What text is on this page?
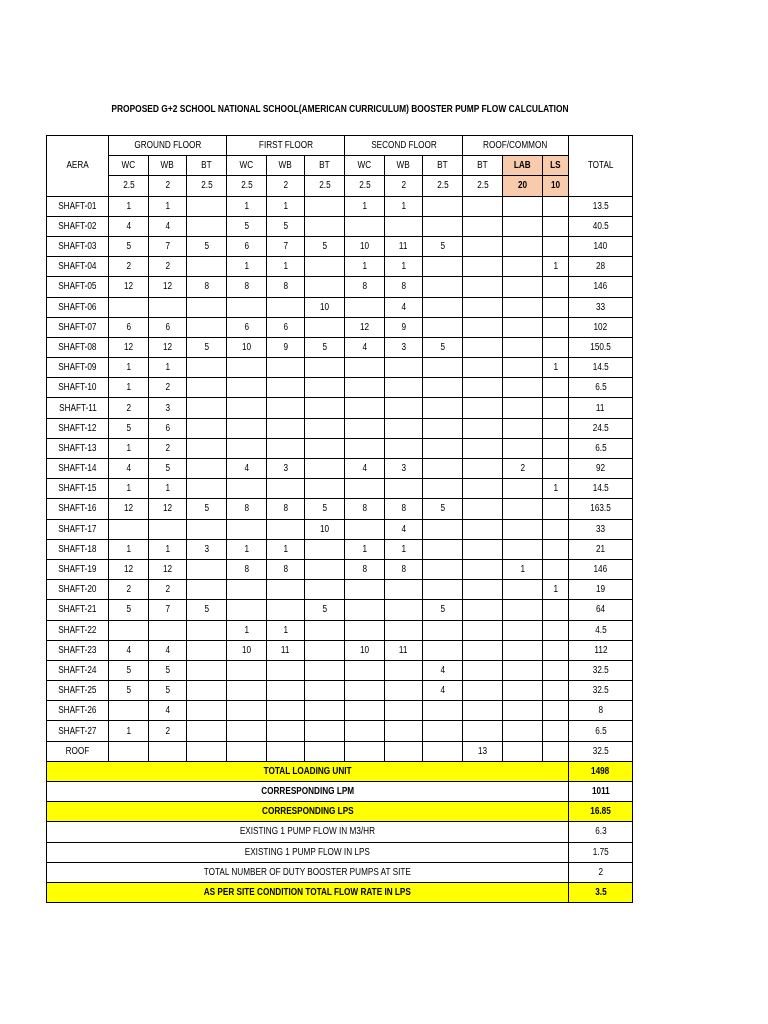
PROPOSED G+2 SCHOOL NATIONAL SCHOOL(AMERICAN CURRICULUM) BOOSTER PUMP FLOW CALCULATION
AERA	GROUND FLOOR			FIRST FLOOR			SECOND FLOOR			ROOF/COMMON			TOTAL
	WC	WB	BT	WC	WB	BT	WC	WB	BT	BT	LAB	LS	
	2.5	2	2.5	2.5	2	2.5	2.5	2	2.5	2.5	20	10	
SHAFT-01	1	1		1	1		1	1					13.5
SHAFT-02	4	4		5	5								40.5
SHAFT-03	5	7	5	6	7	5	10	11	5				140
SHAFT-04	2	2		1	1		1	1				1	28
SHAFT-05	12	12	8	8	8		8	8					146
SHAFT-06						10		4					33
SHAFT-07	6	6		6	6		12	9					102
SHAFT-08	12	12	5	10	9	5	4	3	5				150.5
SHAFT-09	1	1										1	14.5
SHAFT-10	1	2											6.5
SHAFT-11	2	3											11
SHAFT-12	5	6											24.5
SHAFT-13	1	2											6.5
SHAFT-14	4	5		4	3		4	3			2		92
SHAFT-15	1	1										1	14.5
SHAFT-16	12	12	5	8	8	5	8	8	5				163.5
SHAFT-17						10		4					33
SHAFT-18	1	1	3	1	1		1	1					21
SHAFT-19	12	12		8	8		8	8			1		146
SHAFT-20	2	2										1	19
SHAFT-21	5	7	5			5			5				64
SHAFT-22				1	1								4.5
SHAFT-23	4	4		10	11		10	11					112
SHAFT-24	5	5							4				32.5
SHAFT-25	5	5							4				32.5
SHAFT-26		4											8
SHAFT-27	1	2											6.5
ROOF										13			32.5
TOTAL LOADING UNIT													1498
CORRESPONDING LPM													1011
CORRESPONDING LPS													16.85
EXISTING 1 PUMP FLOW IN M3/HR													6.3
EXISTING 1 PUMP FLOW IN LPS													1.75
TOTAL NUMBER OF DUTY BOOSTER PUMPS AT SITE													2
AS PER SITE CONDITION TOTAL FLOW RATE IN LPS													3.5
